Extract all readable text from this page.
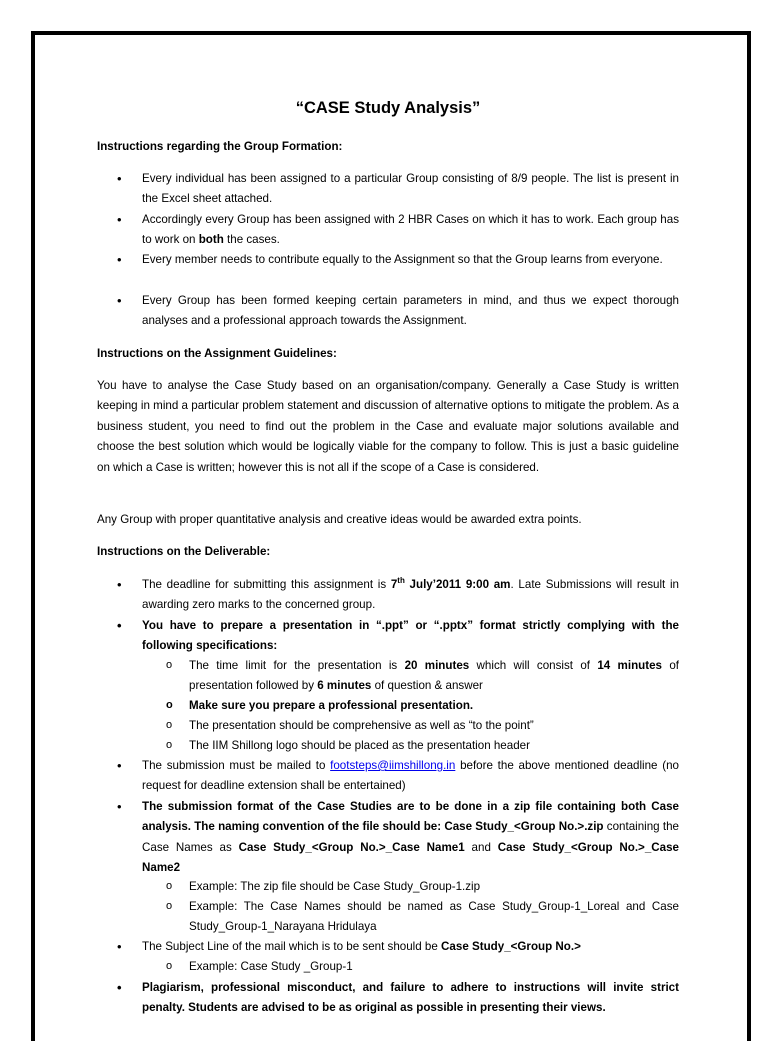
“CASE Study Analysis”
Instructions regarding the Group Formation:
• Every individual has been assigned to a particular Group consisting of 8/9 people. The list is present in the Excel sheet attached.
• Accordingly every Group has been assigned with 2 HBR Cases on which it has to work. Each group has to work on both the cases.
• Every member needs to contribute equally to the Assignment so that the Group learns from everyone.
• Every Group has been formed keeping certain parameters in mind, and thus we expect thorough analyses and a professional approach towards the Assignment.
Instructions on the Assignment Guidelines:
You have to analyse the Case Study based on an organisation/company. Generally a Case Study is written keeping in mind a particular problem statement and discussion of alternative options to mitigate the problem. As a business student, you need to find out the problem in the Case and evaluate major solutions available and choose the best solution which would be logically viable for the company to follow. This is just a basic guideline on which a Case is written; however this is not all if the scope of a Case is considered.
Any Group with proper quantitative analysis and creative ideas would be awarded extra points.
Instructions on the Deliverable:
• The deadline for submitting this assignment is 7th July’2011 9:00 am. Late Submissions will result in awarding zero marks to the concerned group.
• You have to prepare a presentation in “.ppt” or “.pptx” format strictly complying with the following specifications:
o The time limit for the presentation is 20 minutes which will consist of 14 minutes of presentation followed by 6 minutes of question & answer
o Make sure you prepare a professional presentation.
o The presentation should be comprehensive as well as “to the point”
o The IIM Shillong logo should be placed as the presentation header
• The submission must be mailed to footsteps@iimshillong.in before the above mentioned deadline (no request for deadline extension shall be entertained)
• The submission format of the Case Studies are to be done in a zip file containing both Case analysis. The naming convention of the file should be: Case Study_<Group No.>.zip containing the Case Names as Case Study_<Group No.>_Case Name1 and Case Study_<Group No.>_Case Name2
o Example: The zip file should be Case Study_Group-1.zip
o Example: The Case Names should be named as Case Study_Group-1_Loreal and Case Study_Group-1_Narayana Hridulaya
• The Subject Line of the mail which is to be sent should be Case Study_<Group No.>
o Example: Case Study _Group-1
• Plagiarism, professional misconduct, and failure to adhere to instructions will invite strict penalty. Students are advised to be as original as possible in presenting their views.
